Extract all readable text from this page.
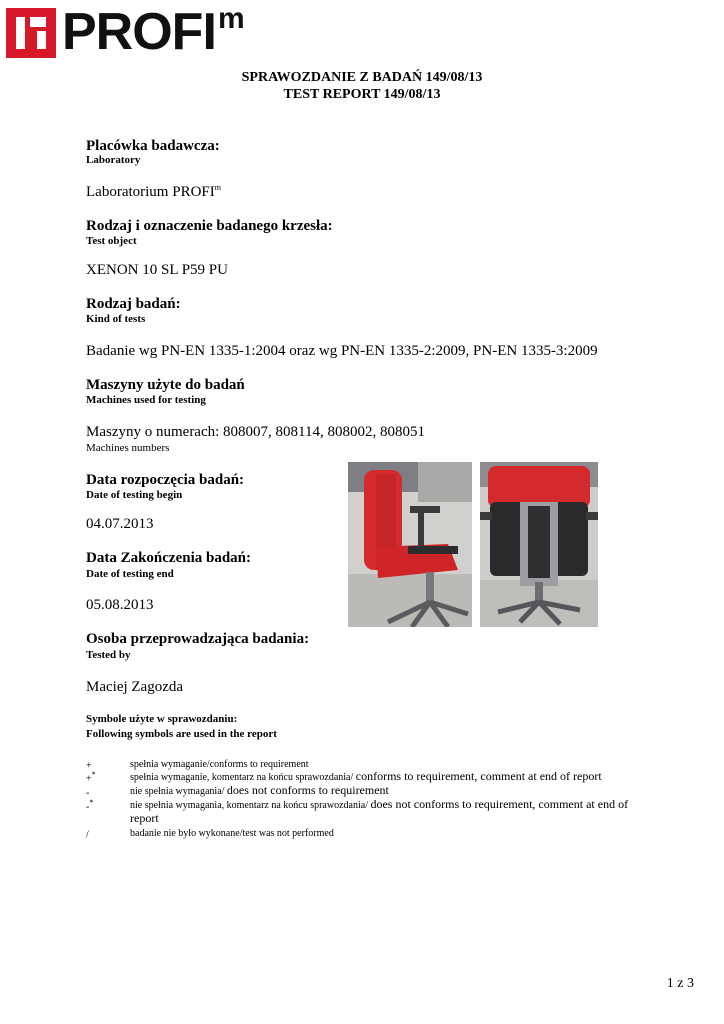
PROFI m
SPRAWOZDANIE Z BADAŃ 149/08/13
TEST REPORT 149/08/13
Placówka badawcza:
Laboratory
Laboratorium PROFI$^m$
Rodzaj i oznaczenie badanego krzesła:
Test object
XENON 10 SL P59 PU
Rodzaj badań:
Kind of tests
Badanie wg PN-EN 1335-1:2004 oraz wg PN-EN 1335-2:2009, PN-EN 1335-3:2009
Maszyny użyte do badań
Machines used for testing
Maszyny o numerach: 808007, 808114, 808002, 808051
Machines numbers
Data rozpoczęcia badań:
Date of testing begin
04.07.2013
Data Zakończenia badań:
Date of testing end
05.08.2013
Osoba przeprowadzająca badania:
Tested by
Maciej Zagozda
Symbole użyte w sprawozdaniu:
Following symbols are used in the report
+	spełnia wymaganie/conforms to requirement
+*	spełnia wymaganie, komentarz na końcu sprawozdania/ conforms to requirement, comment at end of report
-	nie spełnia wymagania/ does not conforms to requirement
-*	nie spełnia wymagania, komentarz na końcu sprawozdania/ does not conforms to requirement, comment at end of report
/	badanie nie było wykonane/test was not performed
1 z 3
